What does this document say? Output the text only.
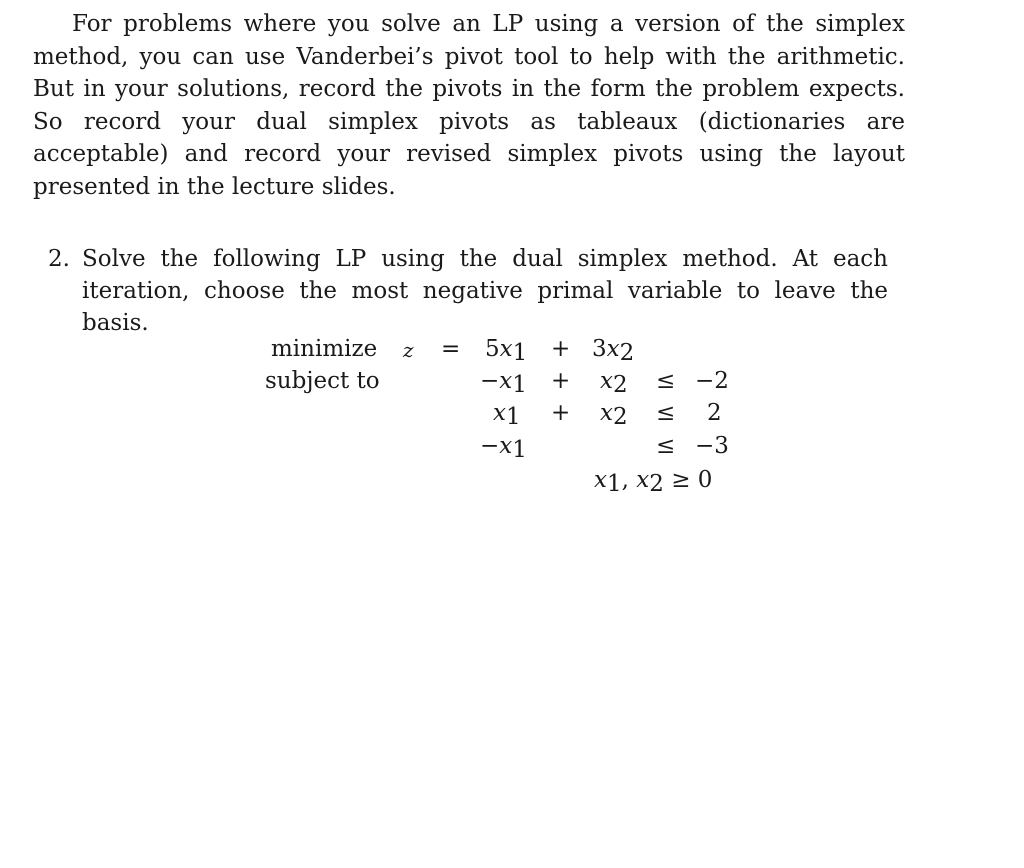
For problems where you solve an LP using a version of the simplex method, you can use Vanderbei’s pivot tool to help with the arithmetic. But in your solutions, record the pivots in the form the problem expects. So record your dual simplex pivots as tableaux (dictionaries are acceptable) and record your revised simplex pivots using the layout presented in the lecture slides.

2. Solve the following LP using the dual simplex method. At each iteration, choose the most negative primal variable to leave the basis.

minimize
subject to
z = 5x1 + 3x2
−x1 + x2 ≤ −2
x1 + x2 ≤ 2
−x1	≤ −3
x1, x2 ≥ 0
